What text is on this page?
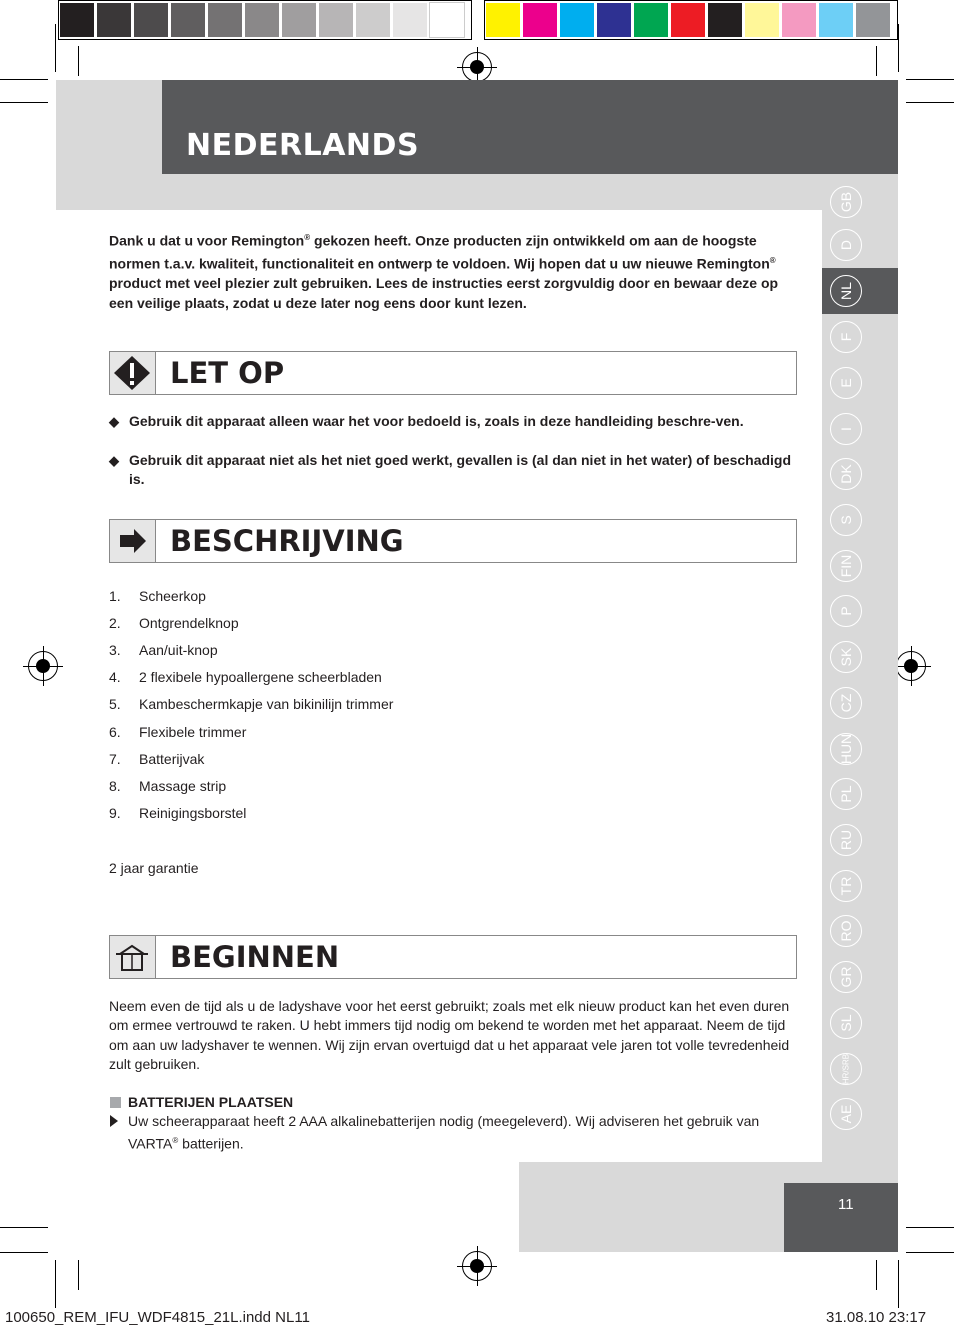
NEDERLANDS
GB
D
NL
F
E
I
DK
S
FIN
P
SK
CZ
HUN
PL
RU
TR
RO
GR
SL
HR/SRB
AE
Dank u dat u voor Remington® gekozen heeft. Onze producten zijn ontwikkeld om aan de hoogste normen t.a.v. kwaliteit, functionaliteit en ontwerp te voldoen. Wij hopen dat u uw nieuwe Remington® product met veel plezier zult gebruiken. Lees de instructies eerst zorgvuldig door en bewaar deze op een veilige plaats, zodat u deze later nog eens door kunt lezen.
LET OP
◆ Gebruik dit apparaat alleen waar het voor bedoeld is, zoals in deze handleiding beschre-ven.
◆ Gebruik dit apparaat niet als het niet goed werkt, gevallen is (al dan niet in het water) of beschadigd is.
BESCHRIJVING
1. Scheerkop
2. Ontgrendelknop
3. Aan/uit-knop
4. 2 flexibele hypoallergene scheerbladen
5. Kambeschermkapje van bikinilijn trimmer
6. Flexibele trimmer
7. Batterijvak
8. Massage strip
9. Reinigingsborstel
2 jaar garantie
BEGINNEN
Neem even de tijd als u de ladyshave voor het eerst gebruikt; zoals met elk nieuw product kan het even duren om ermee vertrouwd te raken. U hebt immers tijd nodig om bekend te worden met het apparaat. Neem de tijd om aan uw ladyshaver te wennen. Wij zijn ervan overtuigd dat u het apparaat vele jaren tot volle tevredenheid zult gebruiken.
BATTERIJEN PLAATSEN
Uw scheerapparaat heeft 2 AAA alkalinebatterijen nodig (meegeleverd). Wij adviseren het gebruik van VARTA® batterijen.
11
100650_REM_IFU_WDF4815_21L.indd NL11	31.08.10 23:17
